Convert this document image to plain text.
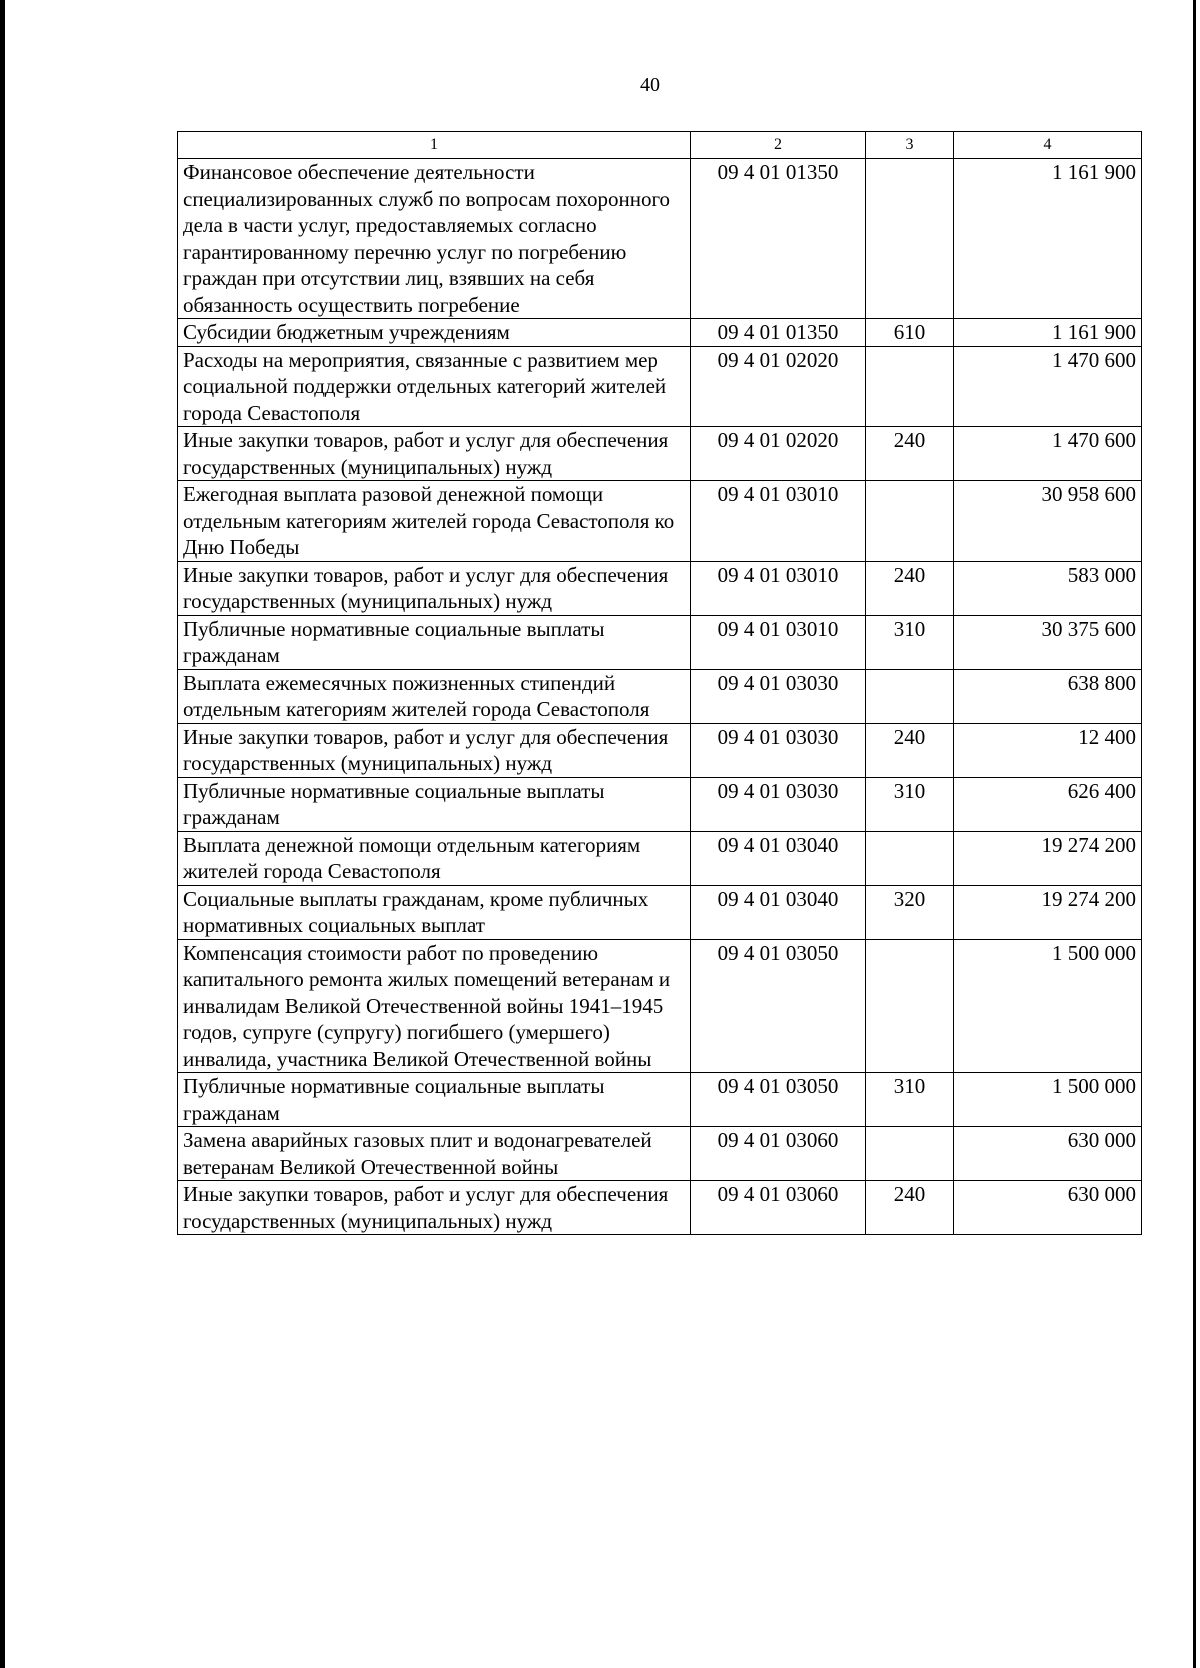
40
1	2	3	4
Финансовое обеспечение деятельности специализированных служб по вопросам похоронного дела в части услуг, предоставляемых согласно гарантированному перечню услуг по погребению граждан при отсутствии лиц, взявших на себя обязанность осуществить погребение	09 4 01 01350		1 161 900
Субсидии бюджетным учреждениям	09 4 01 01350	610	1 161 900
Расходы на мероприятия, связанные с развитием мер социальной поддержки отдельных категорий жителей города Севастополя	09 4 01 02020		1 470 600
Иные закупки товаров, работ и услуг для обеспечения государственных (муниципальных) нужд	09 4 01 02020	240	1 470 600
Ежегодная выплата разовой денежной помощи отдельным категориям жителей города Севастополя ко Дню Победы	09 4 01 03010		30 958 600
Иные закупки товаров, работ и услуг для обеспечения государственных (муниципальных) нужд	09 4 01 03010	240	583 000
Публичные нормативные социальные выплаты гражданам	09 4 01 03010	310	30 375 600
Выплата ежемесячных пожизненных стипендий отдельным категориям жителей города Севастополя	09 4 01 03030		638 800
Иные закупки товаров, работ и услуг для обеспечения государственных (муниципальных) нужд	09 4 01 03030	240	12 400
Публичные нормативные социальные выплаты гражданам	09 4 01 03030	310	626 400
Выплата денежной помощи отдельным категориям жителей города Севастополя	09 4 01 03040		19 274 200
Социальные выплаты гражданам, кроме публичных нормативных социальных выплат	09 4 01 03040	320	19 274 200
Компенсация стоимости работ по проведению капитального ремонта жилых помещений ветеранам и инвалидам Великой Отечественной войны 1941–1945 годов, супруге (супругу) погибшего (умершего) инвалида, участника Великой Отечественной войны	09 4 01 03050		1 500 000
Публичные нормативные социальные выплаты гражданам	09 4 01 03050	310	1 500 000
Замена аварийных газовых плит и водонагревателей ветеранам Великой Отечественной войны	09 4 01 03060		630 000
Иные закупки товаров, работ и услуг для обеспечения государственных (муниципальных) нужд	09 4 01 03060	240	630 000
